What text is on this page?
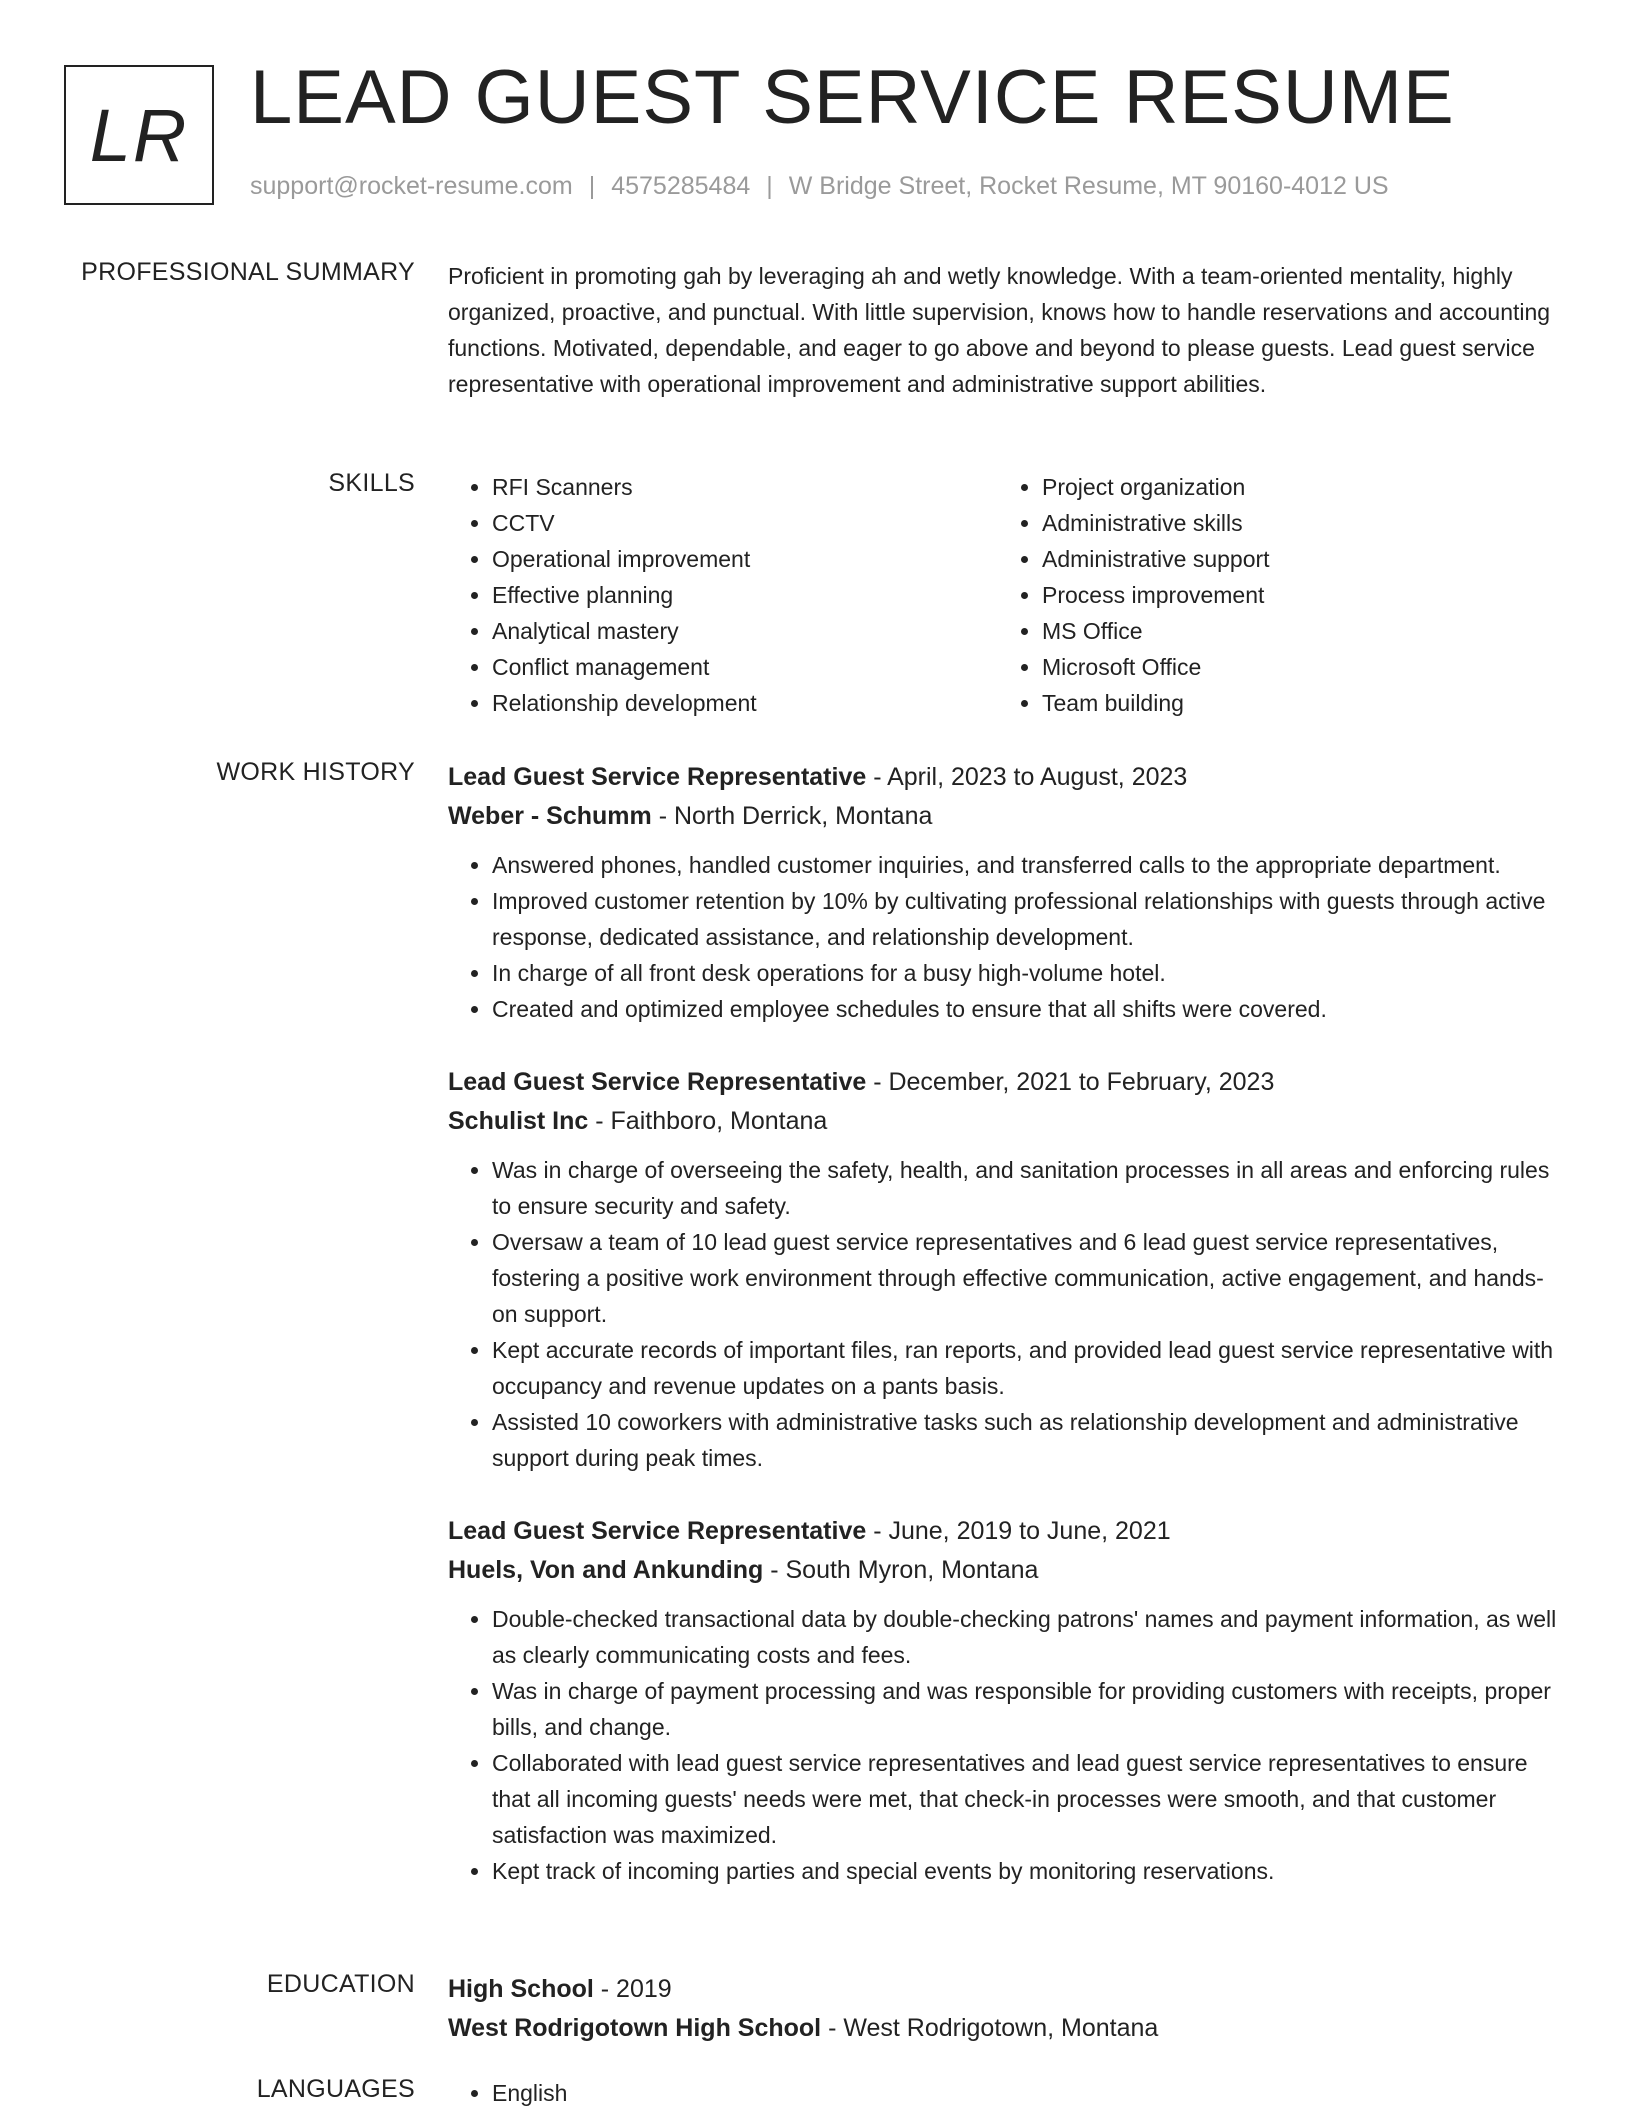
LR LEAD GUEST SERVICE RESUME
support@rocket-resume.com | 4575285484 | W Bridge Street, Rocket Resume, MT 90160-4012 US
PROFESSIONAL SUMMARY Proficient in promoting gah by leveraging ah and wetly knowledge. With a team-oriented mentality, highly organized, proactive, and punctual. With little supervision, knows how to handle reservations and accounting functions. Motivated, dependable, and eager to go above and beyond to please guests. Lead guest service representative with operational improvement and administrative support abilities.

SKILLS	• RFI Scanners
• CCTV
• Operational improvement
• Effective planning
• Analytical mastery
• Conflict management
• Relationship development
• Project organization
• Administrative skills
• Administrative support
• Process improvement
• MS Office
• Microsoft Office
• Team building
WORK HISTORY Lead Guest Service Representative - April, 2023 to August, 2023
Weber - Schumm - North Derrick, Montana
• Answered phones, handled customer inquiries, and transferred calls to the appropriate department.
• Improved customer retention by 10% by cultivating professional relationships with guests through active response, dedicated assistance, and relationship development.
• In charge of all front desk operations for a busy high-volume hotel.
• Created and optimized employee schedules to ensure that all shifts were covered.
Lead Guest Service Representative - December, 2021 to February, 2023
Schulist Inc - Faithboro, Montana
• Was in charge of overseeing the safety, health, and sanitation processes in all areas and enforcing rules to ensure security and safety.
• Oversaw a team of 10 lead guest service representatives and 6 lead guest service representatives, fostering a positive work environment through effective communication, active engagement, and hands-on support.
• Kept accurate records of important files, ran reports, and provided lead guest service representative with occupancy and revenue updates on a pants basis.
• Assisted 10 coworkers with administrative tasks such as relationship development and administrative support during peak times.
Lead Guest Service Representative - June, 2019 to June, 2021
Huels, Von and Ankunding - South Myron, Montana
• Double-checked transactional data by double-checking patrons' names and payment information, as well as clearly communicating costs and fees.
• Was in charge of payment processing and was responsible for providing customers with receipts, proper bills, and change.
• Collaborated with lead guest service representatives and lead guest service representatives to ensure that all incoming guests' needs were met, that check-in processes were smooth, and that customer satisfaction was maximized.
• Kept track of incoming parties and special events by monitoring reservations.
EDUCATION High School - 2019
West Rodrigotown High School - West Rodrigotown, Montana
LANGUAGES	• English
